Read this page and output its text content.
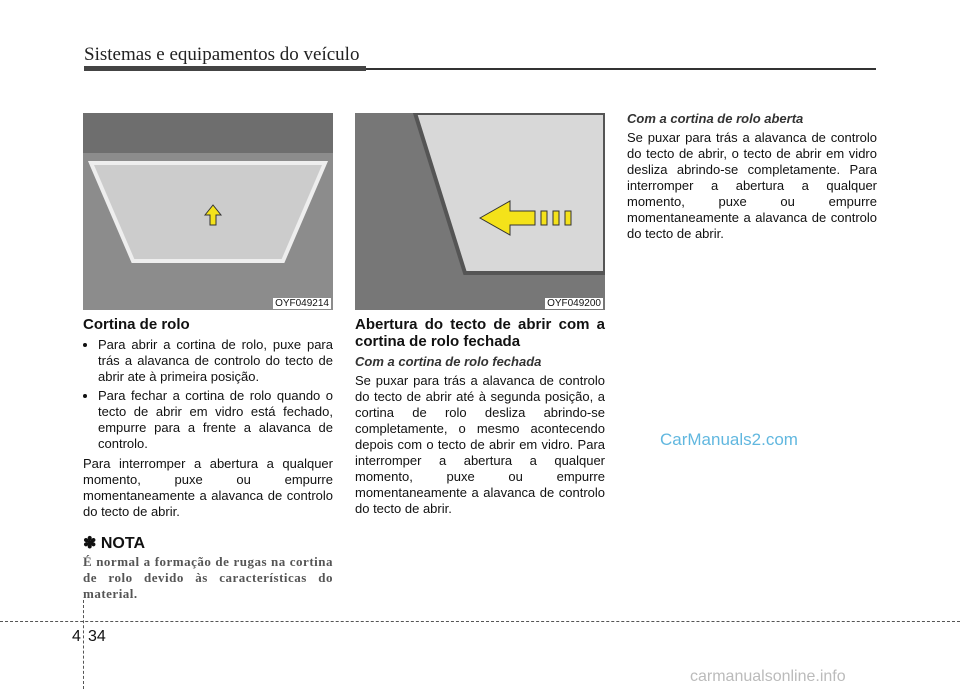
Sistemas e equipamentos do veículo
OYF049214	OYF049200
Cortina de rolo
• Para abrir a cortina de rolo, puxe para trás a alavanca de controlo do tecto de abrir ate à primeira posição.
• Para fechar a cortina de rolo quando o tecto de abrir em vidro está fechado, empurre para a frente a alavanca de controlo.

Para interromper a abertura a qualquer momento, puxe ou empurre momentaneamente a alavanca de controlo do tecto de abrir.

✽ NOTA
É normal a formação de rugas na cortina de rolo devido às características do material.
Abertura do tecto de abrir com a cortina de rolo fechada
Com a cortina de rolo fechada

Se puxar para trás a alavanca de controlo do tecto de abrir até à segunda posição, a cortina de rolo desliza abrindo-se completamente, o mesmo acontecendo depois com o tecto de abrir em vidro. Para interromper a abertura a qualquer momento, puxe ou empurre momentaneamente a alavanca de controlo do tecto de abrir.

Com a cortina de rolo aberta

Se puxar para trás a alavanca de controlo do tecto de abrir, o tecto de abrir em vidro desliza abrindo-se completamente. Para interromper a abertura a qualquer momento, puxe ou empurre momentaneamente a alavanca de controlo do tecto de abrir.

CarManuals2.com
4 34
carmanualsonline.info
